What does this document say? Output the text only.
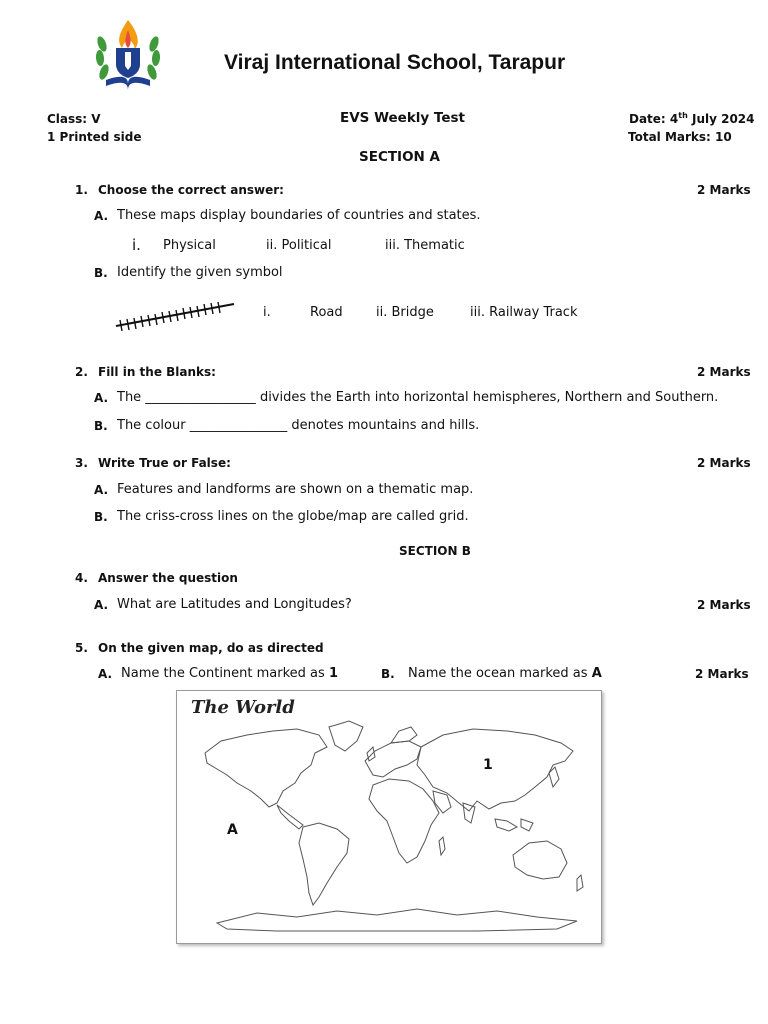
Viraj International School, Tarapur
Class: V
1 Printed side
EVS Weekly Test	Date: 4th July 2024
Total Marks: 10
SECTION A
1. Choose the correct answer:	2 Marks
A. These maps display boundaries of countries and states.
i. Physical	ii. Political	iii. Thematic
B. Identify the given symbol
i.	Road	ii. Bridge	iii. Railway Track
2. Fill in the Blanks:	2 Marks
A. The _________________ divides the Earth into horizontal hemispheres, Northern and Southern.
B. The colour _______________ denotes mountains and hills.
3. Write True or False:	2 Marks
A. Features and landforms are shown on a thematic map.
B. The criss-cross lines on the globe/map are called grid.
SECTION B
4. Answer the question
A. What are Latitudes and Longitudes?	2 Marks
5. On the given map, do as directed
A. Name the Continent marked as 1	B. Name the ocean marked as A	2 Marks
The World
1
A
